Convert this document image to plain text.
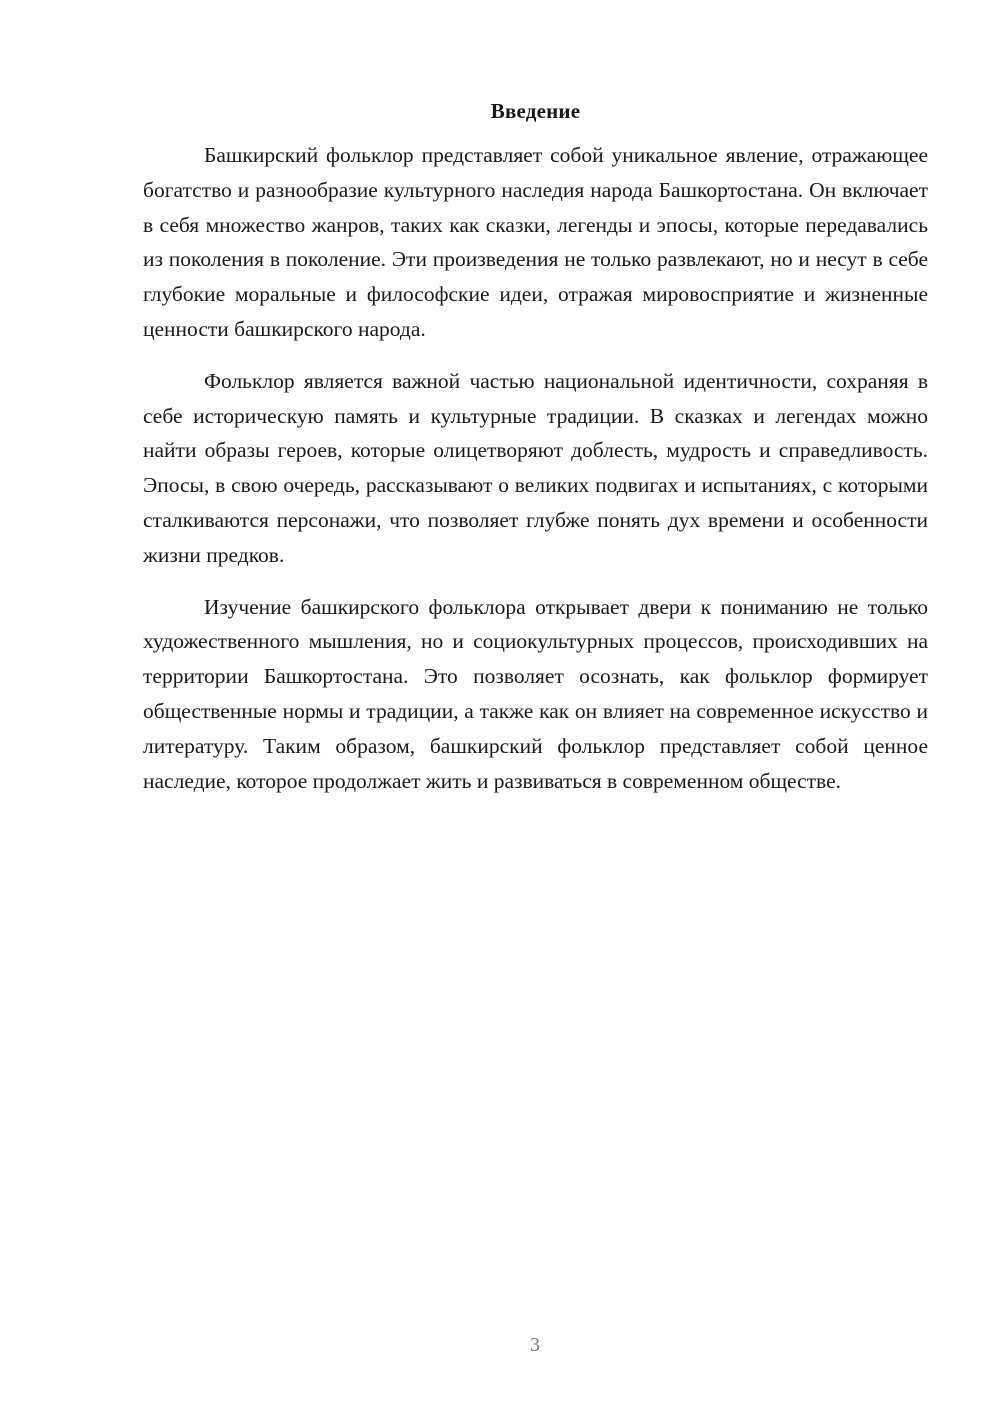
Введение

Башкирский фольклор представляет собой уникальное явление, отражающее богатство и разнообразие культурного наследия народа Башкортостана. Он включает в себя множество жанров, таких как сказки, легенды и эпосы, которые передавались из поколения в поколение. Эти произведения не только развлекают, но и несут в себе глубокие моральные и философские идеи, отражая мировосприятие и жизненные ценности башкирского народа.

Фольклор является важной частью национальной идентичности, сохраняя в себе историческую память и культурные традиции. В сказках и легендах можно найти образы героев, которые олицетворяют доблесть, мудрость и справедливость. Эпосы, в свою очередь, рассказывают о великих подвигах и испытаниях, с которыми сталкиваются персонажи, что позволяет глубже понять дух времени и особенности жизни предков.

Изучение башкирского фольклора открывает двери к пониманию не только художественного мышления, но и социокультурных процессов, происходивших на территории Башкортостана. Это позволяет осознать, как фольклор формирует общественные нормы и традиции, а также как он влияет на современное искусство и литературу. Таким образом, башкирский фольклор представляет собой ценное наследие, которое продолжает жить и развиваться в современном обществе.

3
